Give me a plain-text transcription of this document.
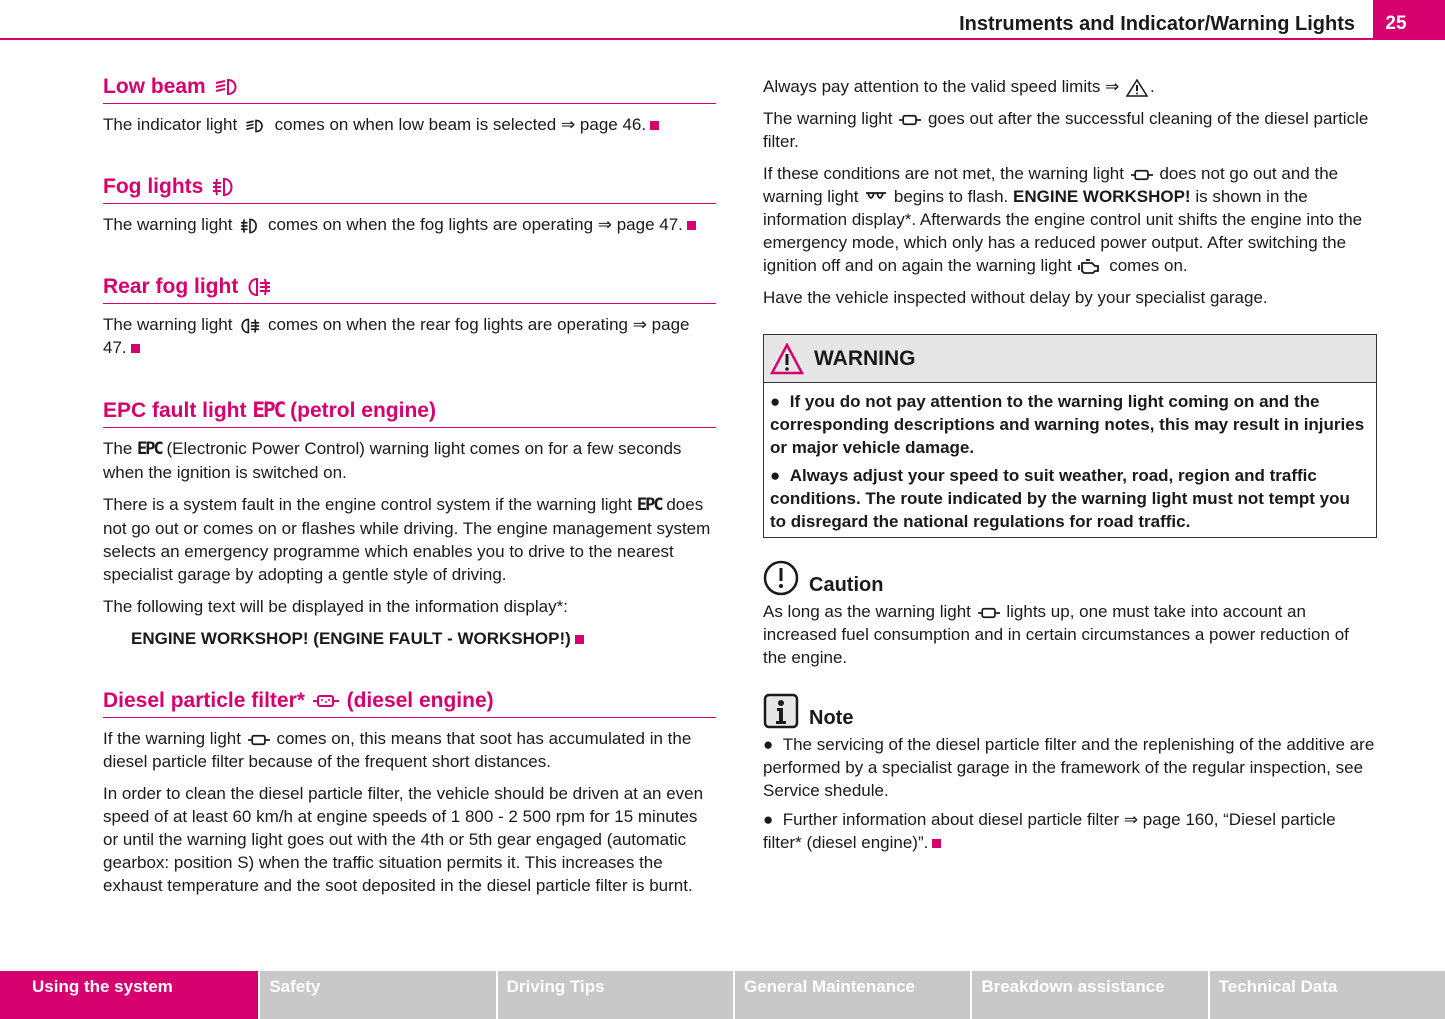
Instruments and Indicator/Warning Lights	25
Low beam

The indicator light comes on when low beam is selected ⇒ page 46.

Fog lights

The warning light comes on when the fog lights are operating ⇒ page 47.

Rear fog light

The warning light comes on when the rear fog lights are operating ⇒ page 47.

EPC fault light EPC (petrol engine)

The EPC (Electronic Power Control) warning light comes on for a few seconds when the ignition is switched on.

There is a system fault in the engine control system if the warning light EPC does not go out or comes on or flashes while driving. The engine management system selects an emergency programme which enables you to drive to the nearest specialist garage by adopting a gentle style of driving.

The following text will be displayed in the information display*:

ENGINE WORKSHOP! (ENGINE FAULT - WORKSHOP!)

Diesel particle filter* (diesel engine)

If the warning light comes on, this means that soot has accumulated in the diesel particle filter because of the frequent short distances.

In order to clean the diesel particle filter, the vehicle should be driven at an even speed of at least 60 km/h at engine speeds of 1 800 - 2 500 rpm for 15 minutes or until the warning light goes out with the 4th or 5th gear engaged (automatic gearbox: position S) when the traffic situation permits it. This increases the exhaust temperature and the soot deposited in the diesel particle filter is burnt.

Always pay attention to the valid speed limits ⇒ .

The warning light goes out after the successful cleaning of the diesel particle filter.

If these conditions are not met, the warning light does not go out and the warning light begins to flash. ENGINE WORKSHOP! is shown in the information display*. Afterwards the engine control unit shifts the engine into the emergency mode, which only has a reduced power output. After switching the ignition off and on again the warning light comes on.

Have the vehicle inspected without delay by your specialist garage.

WARNING
●  If you do not pay attention to the warning light coming on and the corresponding descriptions and warning notes, this may result in injuries or major vehicle damage.
●  Always adjust your speed to suit weather, road, region and traffic conditions. The route indicated by the warning light must not tempt you to disregard the national regulations for road traffic.
Caution

As long as the warning light lights up, one must take into account an increased fuel consumption and in certain circumstances a power reduction of the engine.

Note

●  The servicing of the diesel particle filter and the replenishing of the additive are performed by a specialist garage in the framework of the regular inspection, see Service shedule.

●  Further information about diesel particle filter ⇒ page 160, “Diesel particle filter* (diesel engine)”.

Using the system	Safety	Driving Tips	General Maintenance	Breakdown assistance	Technical Data
